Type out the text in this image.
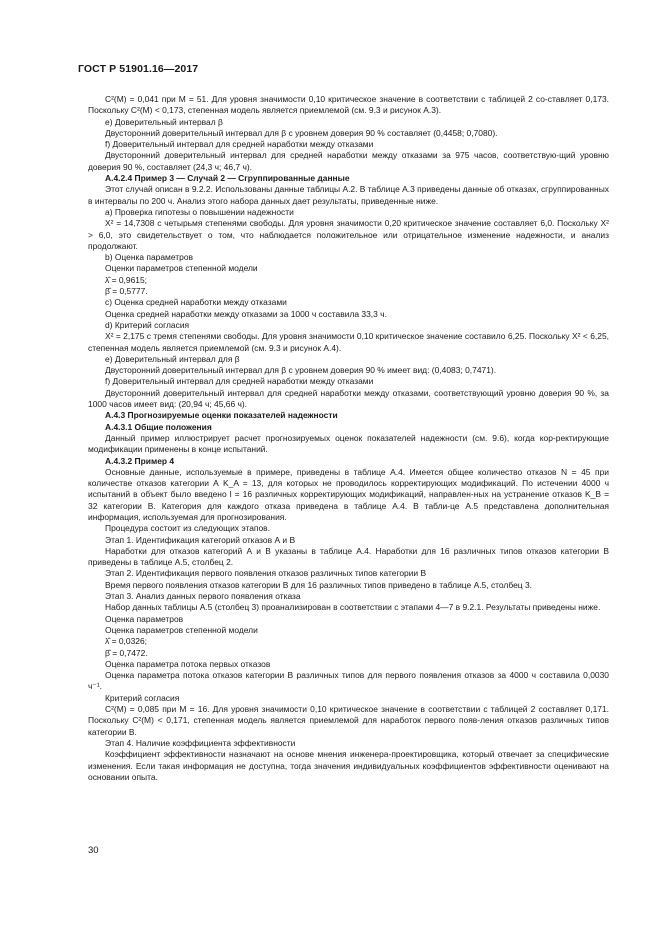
ГОСТ Р 51901.16—2017

С²(М) = 0,041 при М = 51. Для уровня значимости 0,10 критическое значение в соответствии с таблицей 2 со-ставляет 0,173. Поскольку С²(М) < 0,173, степенная модель является приемлемой (см. 9.3 и рисунок А.3).

е) Доверительный интервал β

Двусторонний доверительный интервал для β с уровнем доверия 90 % составляет (0,4458; 0,7080).

f) Доверительный интервал для средней наработки между отказами

Двусторонний доверительный интервал для средней наработки между отказами за 975 часов, соответствую-щий уровню доверия 90 %, составляет (24,3 ч; 46,7 ч).

А.4.2.4 Пример 3 — Случай 2 — Сгруппированные данные

Этот случай описан в 9.2.2. Использованы данные таблицы А.2. В таблице А.3 приведены данные об отказах, сгруппированных в интервалы по 200 ч. Анализ этого набора данных дает результаты, приведенные ниже.

а) Проверка гипотезы о повышении надежности

Х² = 14,7308 с четырьмя степенями свободы. Для уровня значимости 0,20 критическое значение составляет 6,0. Поскольку Х² > 6,0, это свидетельствует о том, что наблюдается положительное или отрицательное изменение надежности, и анализ продолжают.

b) Оценка параметров

Оценки параметров степенной модели

λ̂ = 0,9615;

β̂ = 0,5777.

с) Оценка средней наработки между отказами

Оценка средней наработки между отказами за 1000 ч составила 33,3 ч.

d) Критерий согласия

Х² = 2,175 с тремя степенями свободы. Для уровня значимости 0,10 критическое значение составило 6,25. Поскольку Х² < 6,25, степенная модель является приемлемой (см. 9.3 и рисунок А.4).

е) Доверительный интервал для β

Двусторонний доверительный интервал для β с уровнем доверия 90 % имеет вид: (0,4083; 0,7471).

f) Доверительный интервал для средней наработки между отказами

Двусторонний доверительный интервал для средней наработки между отказами, соответствующий уровню доверия 90 %, за 1000 часов имеет вид: (20,94 ч; 45,66 ч).

А.4.3 Прогнозируемые оценки показателей надежности

А.4.3.1 Общие положения

Данный пример иллюстрирует расчет прогнозируемых оценок показателей надежности (см. 9.6), когда кор-ректирующие модификации применены в конце испытаний.

А.4.3.2 Пример 4

Основные данные, используемые в примере, приведены в таблице А.4. Имеется общее количество отказов N = 45 при количестве отказов категории А K_A = 13, для которых не проводилось корректирующих модификаций. По истечении 4000 ч испытаний в объект было введено l = 16 различных корректирующих модификаций, направлен-ных на устранение отказов K_B = 32 категории В. Категория для каждого отказа приведена в таблице А.4. В табли-це А.5 представлена дополнительная информация, используемая для прогнозирования.

Процедура состоит из следующих этапов.

Этап 1. Идентификация категорий отказов А и В

Наработки для отказов категорий А и В указаны в таблице А.4. Наработки для 16 различных типов отказов категории В приведены в таблице А.5, столбец 2.

Этап 2. Идентификация первого появления отказов различных типов категории В

Время первого появления отказов категории В для 16 различных типов приведено в таблице А.5, столбец 3.

Этап 3. Анализ данных первого появления отказа

Набор данных таблицы А.5 (столбец 3) проанализирован в соответствии с этапами 4—7 в 9.2.1. Результаты приведены ниже.

Оценка параметров

Оценка параметров степенной модели

λ̂ = 0,0326;

β̂ = 0,7472.

Оценка параметра потока первых отказов

Оценка параметра потока отказов категории В различных типов для первого появления отказов за 4000 ч составила 0,0030 ч⁻¹.

Критерий согласия

С²(М) = 0,085 при М = 16. Для уровня значимости 0,10 критическое значение в соответствии с таблицей 2 составляет 0,171. Поскольку С²(М) < 0,171, степенная модель является приемлемой для наработок первого появ-ления отказов различных типов категории В.

Этап 4. Наличие коэффициента эффективности

Коэффициент эффективности назначают на основе мнения инженера-проектировщика, который отвечает за специфические изменения. Если такая информация не доступна, тогда значения индивидуальных коэффициентов эффективности оценивают на основании опыта.

30
